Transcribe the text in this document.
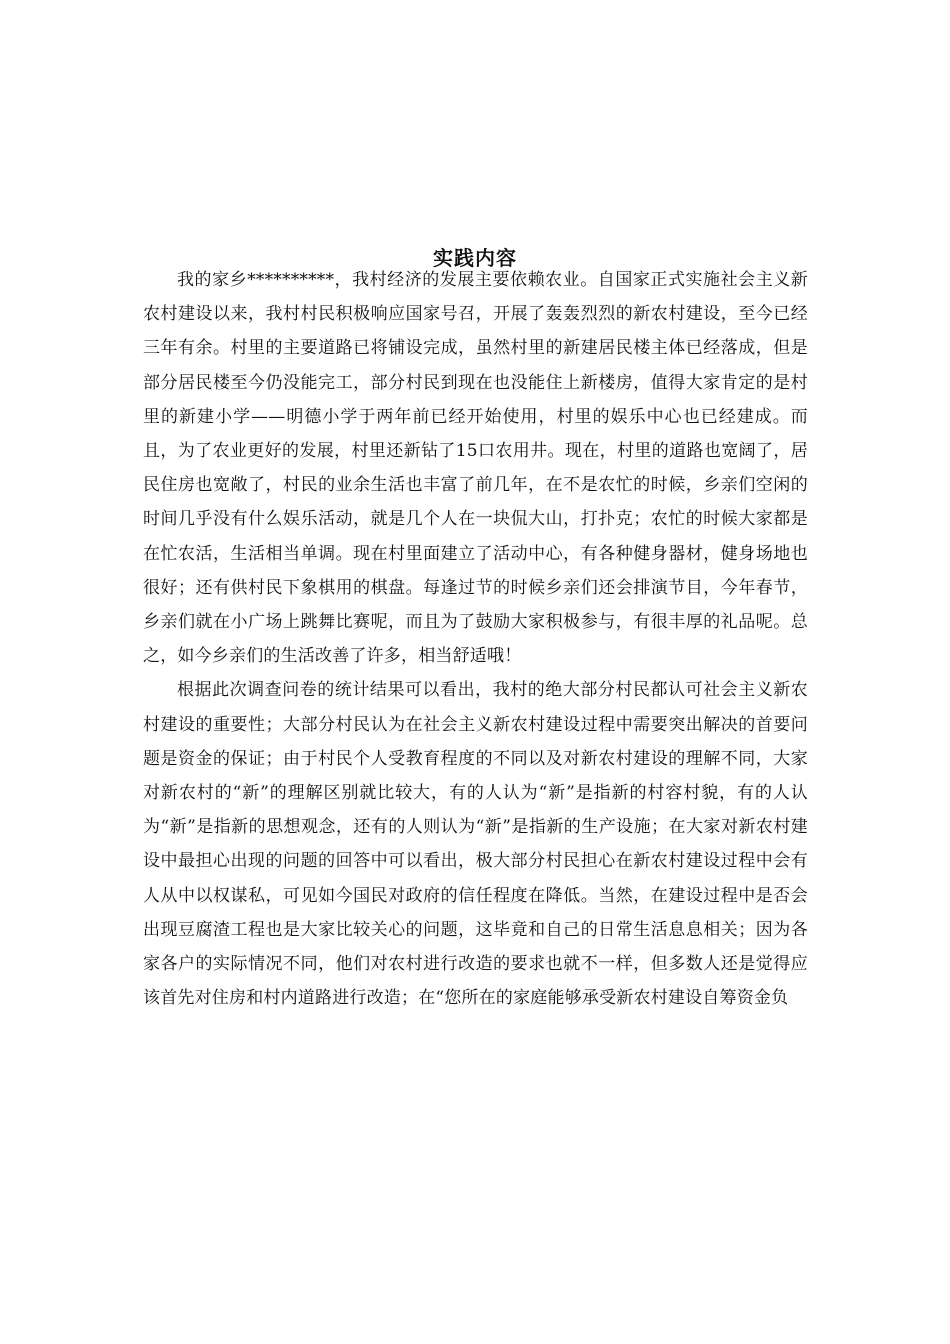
实践内容

我的家乡**********，我村经济的发展主要依赖农业。自国家正式实施社会主义新农村建设以来，我村村民积极响应国家号召，开展了轰轰烈烈的新农村建设，至今已经三年有余。村里的主要道路已将铺设完成，虽然村里的新建居民楼主体已经落成，但是部分居民楼至今仍没能完工，部分村民到现在也没能住上新楼房，值得大家肯定的是村里的新建小学——明德小学于两年前已经开始使用，村里的娱乐中心也已经建成。而且，为了农业更好的发展，村里还新钻了15口农用井。现在，村里的道路也宽阔了，居民住房也宽敞了，村民的业余生活也丰富了前几年，在不是农忙的时候，乡亲们空闲的时间几乎没有什么娱乐活动，就是几个人在一块侃大山，打扑克；农忙的时候大家都是在忙农活，生活相当单调。现在村里面建立了活动中心，有各种健身器材，健身场地也很好；还有供村民下象棋用的棋盘。每逢过节的时候乡亲们还会排演节目，今年春节，乡亲们就在小广场上跳舞比赛呢，而且为了鼓励大家积极参与，有很丰厚的礼品呢。总之，如今乡亲们的生活改善了许多，相当舒适哦！

根据此次调查问卷的统计结果可以看出，我村的绝大部分村民都认可社会主义新农村建设的重要性；大部分村民认为在社会主义新农村建设过程中需要突出解决的首要问题是资金的保证；由于村民个人受教育程度的不同以及对新农村建设的理解不同，大家对新农村的“新”的理解区别就比较大，有的人认为“新”是指新的村容村貌，有的人认为“新”是指新的思想观念，还有的人则认为“新”是指新的生产设施；在大家对新农村建设中最担心出现的问题的回答中可以看出，极大部分村民担心在新农村建设过程中会有人从中以权谋私，可见如今国民对政府的信任程度在降低。当然，在建设过程中是否会出现豆腐渣工程也是大家比较关心的问题，这毕竟和自己的日常生活息息相关；因为各家各户的实际情况不同，他们对农村进行改造的要求也就不一样，但多数人还是觉得应该首先对住房和村内道路进行改造；在“您所在的家庭能够承受新农村建设自筹资金负
